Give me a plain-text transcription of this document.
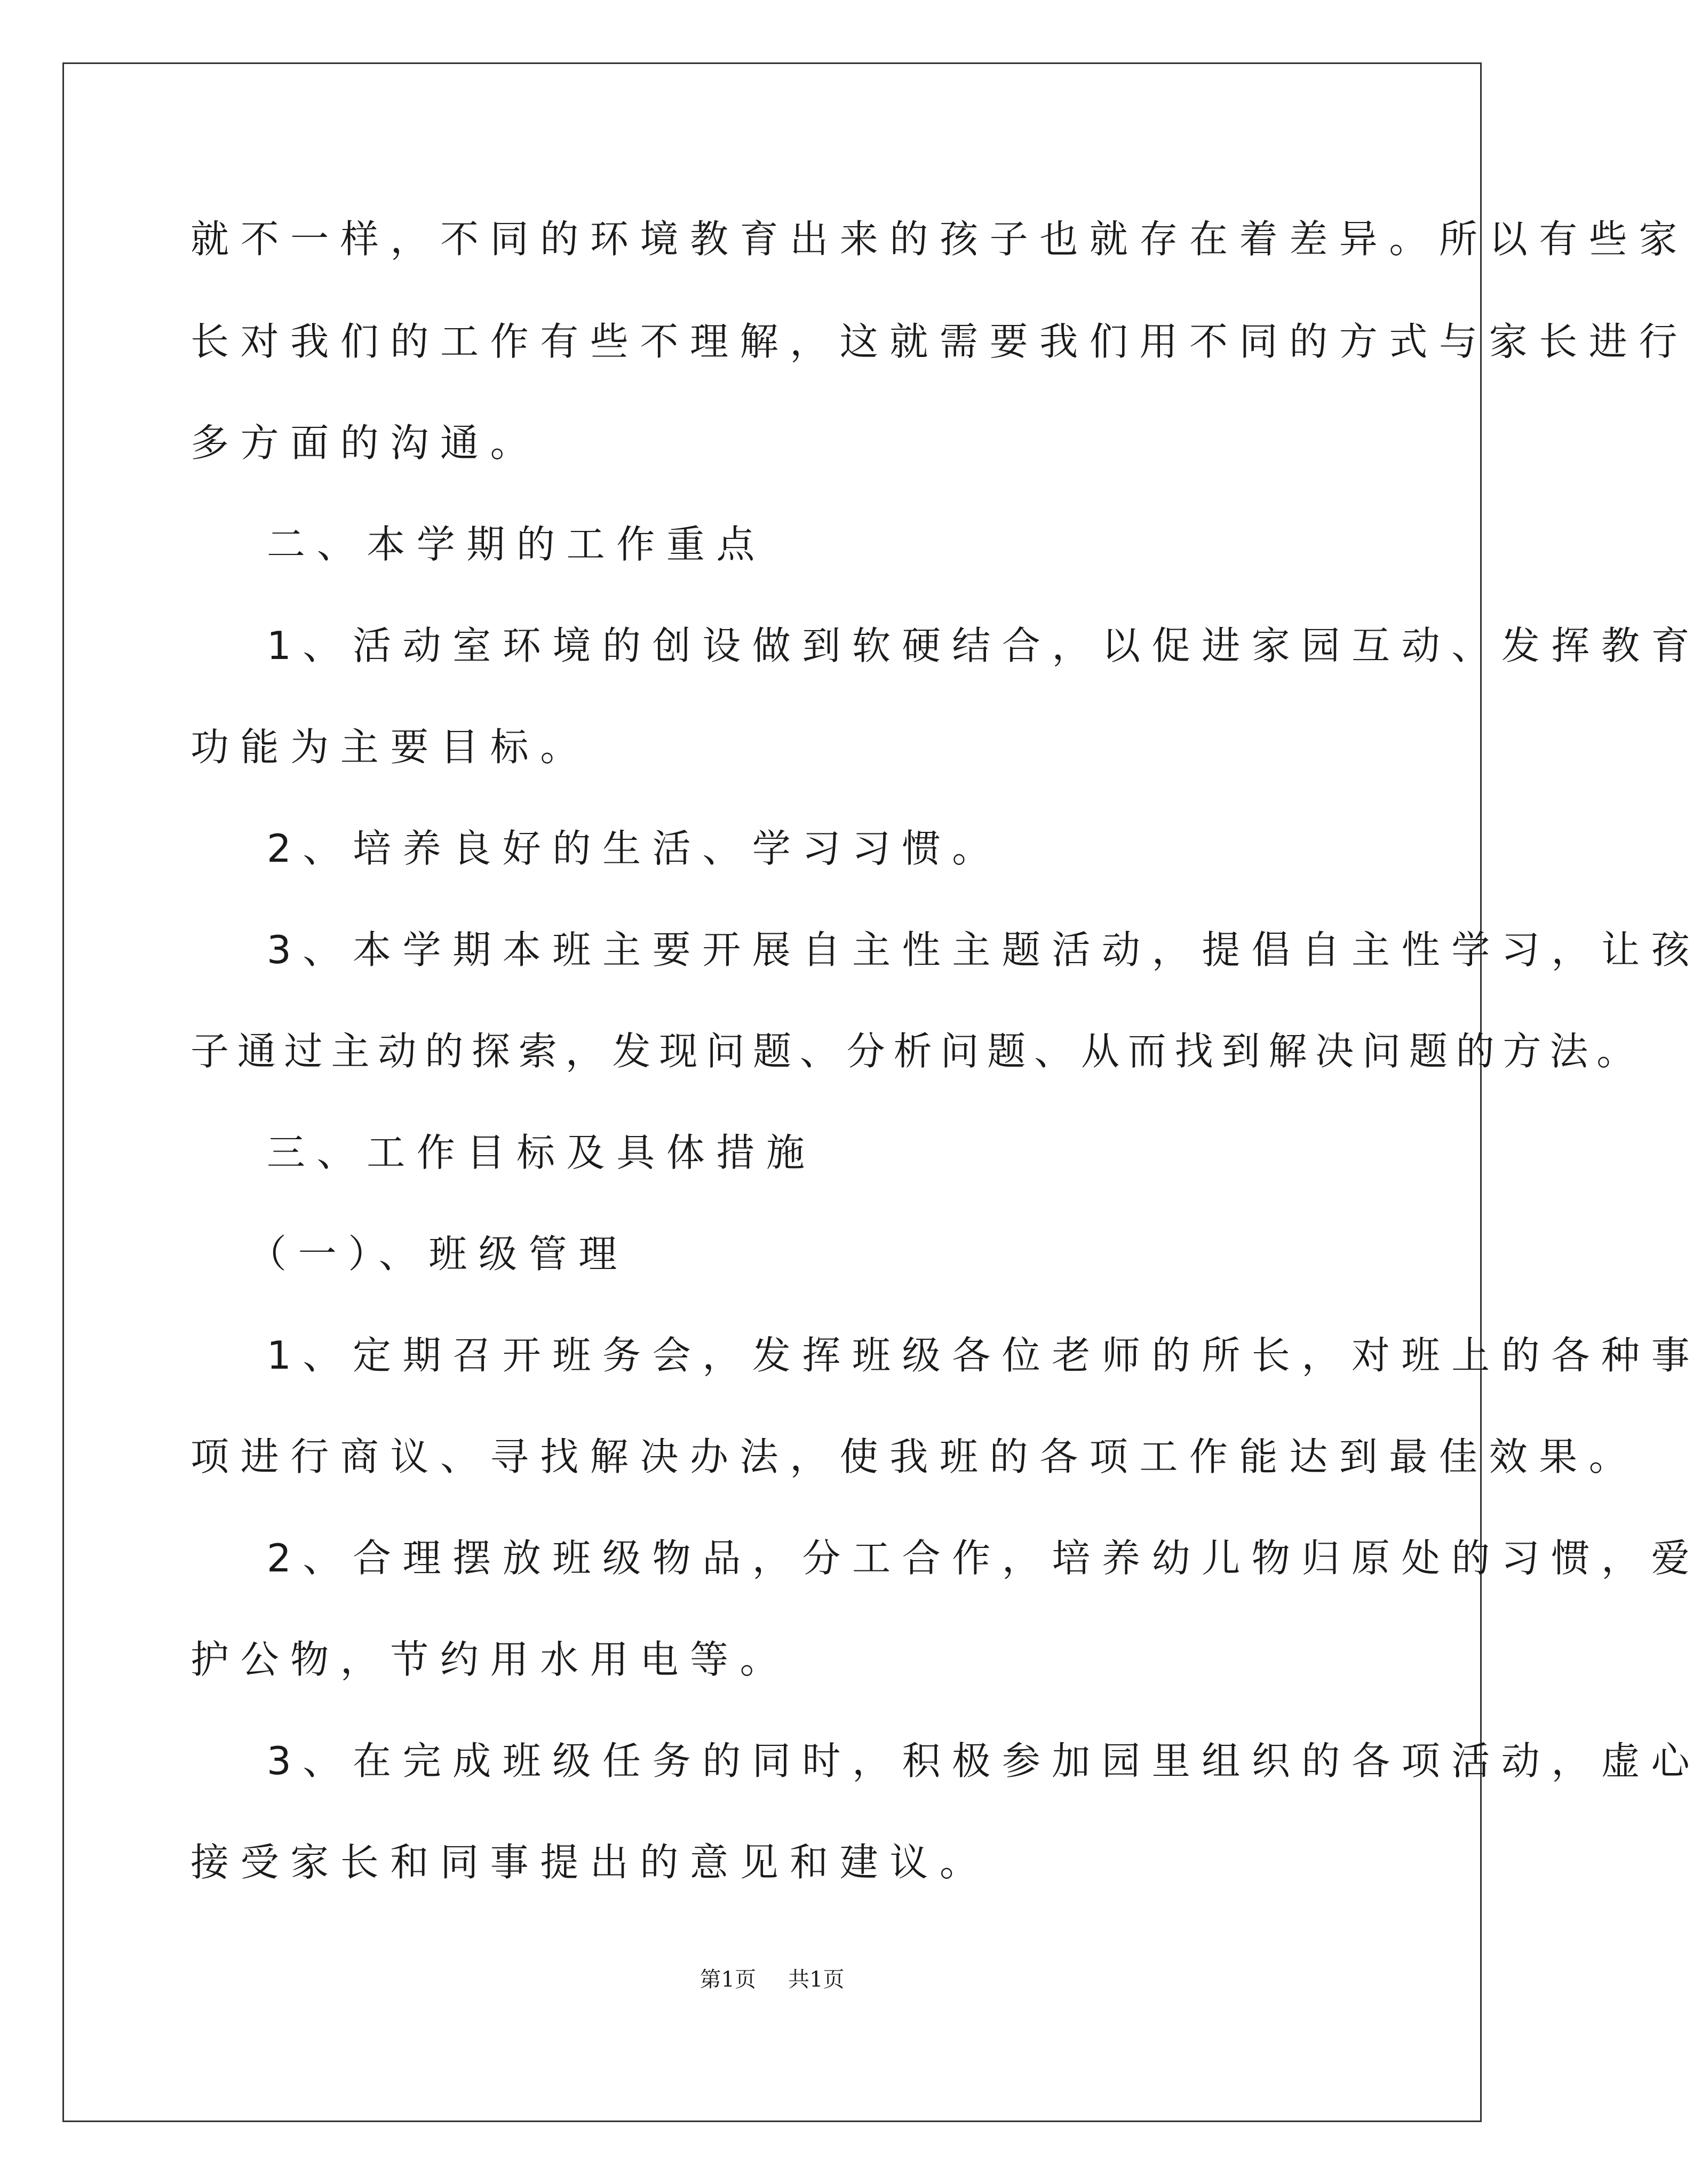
就不一样，不同的环境教育出来的孩子也就存在着差异。所以有些家

长对我们的工作有些不理解，这就需要我们用不同的方式与家长进行

多方面的沟通。

二、本学期的工作重点

1、活动室环境的创设做到软硬结合，以促进家园互动、发挥教育

功能为主要目标。

2、培养良好的生活、学习习惯。

3、本学期本班主要开展自主性主题活动，提倡自主性学习，让孩

子通过主动的探索，发现问题、分析问题、从而找到解决问题的方法。

三、工作目标及具体措施

（一）、班级管理

1、定期召开班务会，发挥班级各位老师的所长，对班上的各种事

项进行商议、寻找解决办法，使我班的各项工作能达到最佳效果。

2、合理摆放班级物品，分工合作，培养幼儿物归原处的习惯，爱

护公物，节约用水用电等。

3、在完成班级任务的同时，积极参加园里组织的各项活动，虚心

接受家长和同事提出的意见和建议。

第1页 共1页
